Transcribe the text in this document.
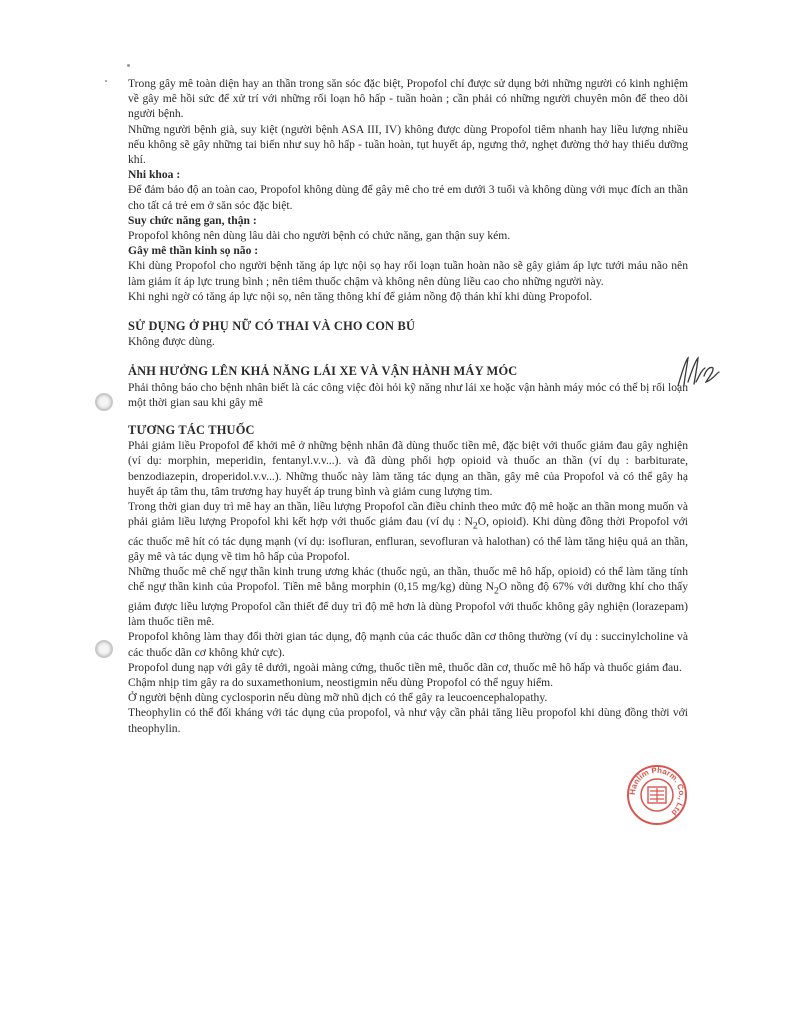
Hanlim Pharm. Co., Ltd

Trong gây mê toàn diện hay an thần trong săn sóc đặc biệt, Propofol chỉ được sử dụng bởi những người có kinh nghiệm về gây mê hồi sức để xử trí với những rối loạn hô hấp - tuần hoàn ; cần phải có những người chuyên môn để theo dõi người bệnh.

Những người bệnh già, suy kiệt (người bệnh ASA III, IV) không được dùng Propofol tiêm nhanh hay liều lượng nhiều nếu không sẽ gây những tai biến như suy hô hấp - tuần hoàn, tụt huyết áp, ngưng thở, nghẹt đường thở hay thiếu dưỡng khí.

Nhi khoa :

Để đảm bảo độ an toàn cao, Propofol không dùng để gây mê cho trẻ em dưới 3 tuổi và không dùng với mục đích an thần cho tất cả trẻ em ở săn sóc đặc biệt.

Suy chức năng gan, thận :

Propofol không nên dùng lâu dài cho người bệnh có chức năng, gan thận suy kém.

Gây mê thần kinh sọ não :

Khi dùng Propofol cho người bệnh tăng áp lực nội sọ hay rối loạn tuần hoàn não sẽ gây giảm áp lực tưới máu não nên làm giảm ít áp lực trung bình ; nên tiêm thuốc chậm và không nên dùng liều cao cho những người này.

Khi nghi ngờ có tăng áp lực nội sọ, nên tăng thông khí để giảm nồng độ thán khí khi dùng Propofol.

SỬ DỤNG Ở PHỤ NỮ CÓ THAI VÀ CHO CON BÚ

Không được dùng.

ẢNH HƯỞNG LÊN KHẢ NĂNG LÁI XE VÀ VẬN HÀNH MÁY MÓC

Phải thông báo cho bệnh nhân biết là các công việc đòi hỏi kỹ năng như lái xe hoặc vận hành máy móc có thể bị rối loạn một thời gian sau khi gây mê

TƯƠNG TÁC THUỐC

Phải giảm liều Propofol để khởi mê ở những bệnh nhân đã dùng thuốc tiền mê, đặc biệt với thuốc giảm đau gây nghiện (ví dụ: morphin, meperidin, fentanyl.v.v...). và đã dùng phối hợp opioid và thuốc an thần (ví dụ : barbiturate, benzodiazepin, droperidol.v.v...). Những thuốc này làm tăng tác dụng an thần, gây mê của Propofol và có thể gây hạ huyết áp tâm thu, tâm trương hay huyết áp trung bình và giảm cung lượng tim.

Trong thời gian duy trì mê hay an thần, liều lượng Propofol cần điều chỉnh theo mức độ mê hoặc an thần mong muốn và phải giảm liều lượng Propofol khi kết hợp với thuốc giảm đau (ví dụ : $N_2O$, opioid). Khi dùng đồng thời Propofol với các thuốc mê hít có tác dụng mạnh (ví dụ: isofluran, enfluran, sevofluran và halothan) có thể làm tăng hiệu quả an thần, gây mê và tác dụng về tim hô hấp của Propofol.

Những thuốc mê chế ngự thần kinh trung ương khác (thuốc ngủ, an thần, thuốc mê hô hấp, opioid) có thể làm tăng tính chế ngự thần kinh của Propofol. Tiền mê bằng morphin (0,15 mg/kg) dùng $N_2O$ nồng độ 67% với dưỡng khí cho thấy giảm được liều lượng Propofol cần thiết để duy trì độ mê hơn là dùng Propofol với thuốc không gây nghiện (lorazepam) làm thuốc tiền mê.

Propofol không làm thay đổi thời gian tác dụng, độ mạnh của các thuốc dãn cơ thông thường (ví dụ : succinylcholine và các thuốc dãn cơ không khử cực).

Propofol dung nạp với gây tê dưới, ngoài màng cứng, thuốc tiền mê, thuốc dãn cơ, thuốc mê hô hấp và thuốc giảm đau.

Chậm nhịp tim gây ra do suxamethonium, neostigmin nếu dùng Propofol có thể nguy hiểm.

Ở người bệnh dùng cyclosporin nếu dùng mỡ nhũ dịch có thể gây ra leucoencephalopathy.

Theophylin có thể đối kháng với tác dụng của propofol, và như vậy cần phải tăng liều propofol khi dùng đồng thời với theophylin.
